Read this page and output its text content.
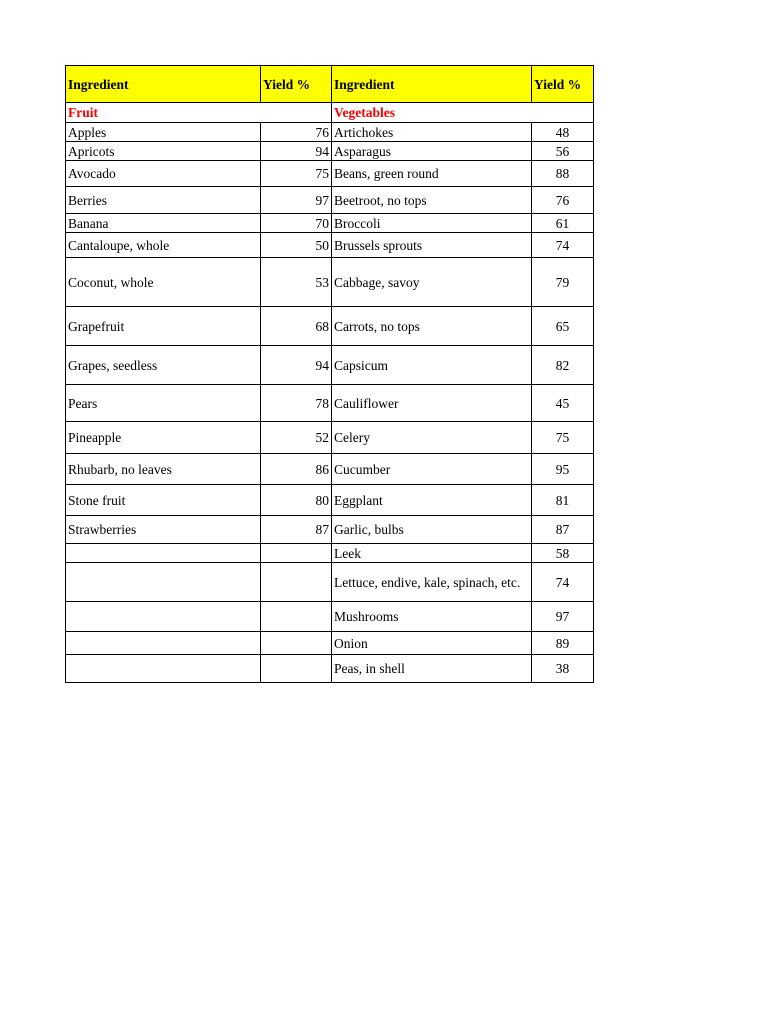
Ingredient	Yield %	Ingredient	Yield %
Fruit		Vegetables	
Apples	76	Artichokes	48
Apricots	94	Asparagus	56
Avocado	75	Beans, green round	88
Berries	97	Beetroot, no tops	76
Banana	70	Broccoli	61
Cantaloupe, whole	50	Brussels sprouts	74
Coconut, whole	53	Cabbage, savoy	79
Grapefruit	68	Carrots, no tops	65
Grapes, seedless	94	Capsicum	82
Pears	78	Cauliflower	45
Pineapple	52	Celery	75
Rhubarb, no leaves	86	Cucumber	95
Stone fruit	80	Eggplant	81
Strawberries	87	Garlic, bulbs	87
		Leek	58
		Lettuce, endive, kale, spinach, etc.	74
		Mushrooms	97
		Onion	89
		Peas, in shell	38
